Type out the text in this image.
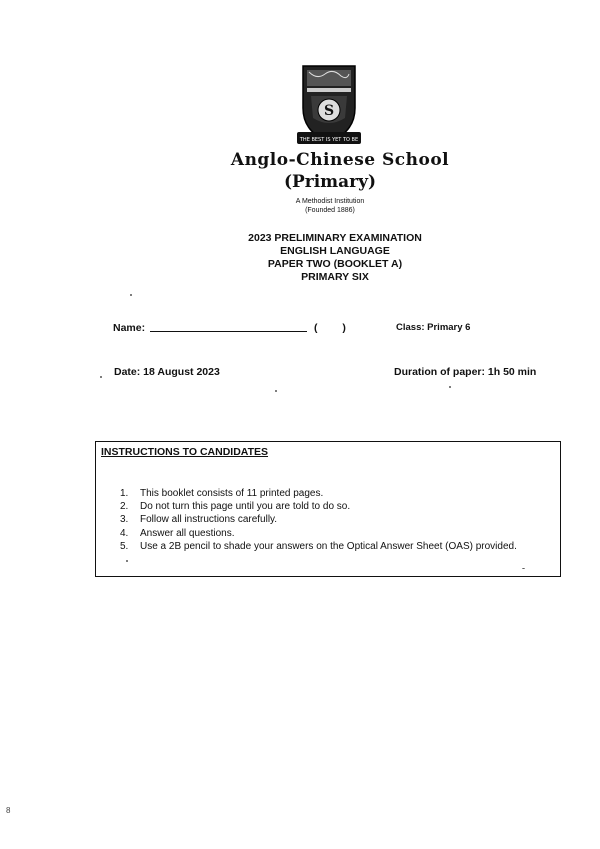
S
THE BEST IS YET TO BE
Anglo-Chinese School
(Primary)
A Methodist Institution
(Founded 1886)
2023 PRELIMINARY EXAMINATION
ENGLISH LANGUAGE
PAPER TWO (BOOKLET A)
PRIMARY SIX
Name:	( )	Class: Primary 6
Date: 18 August 2023	Duration of paper: 1h 50 min
INSTRUCTIONS TO CANDIDATES
1.	This booklet consists of 11 printed pages.
2.	Do not turn this page until you are told to do so.
3.	Follow all instructions carefully.
4.	Answer all questions.
5.	Use a 2B pencil to shade your answers on the Optical Answer Sheet (OAS) provided.
8
